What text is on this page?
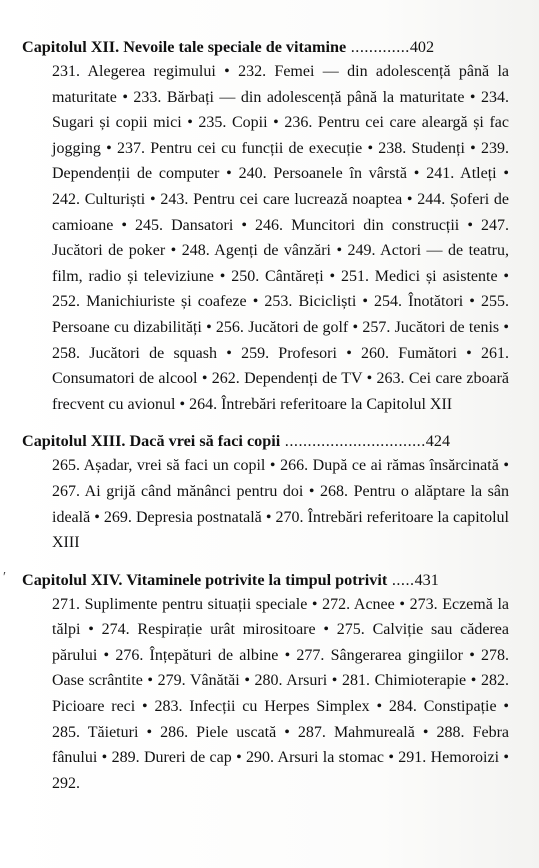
Capitolul XII. Nevoile tale speciale de vitamine .............402

231. Alegerea regimului • 232. Femei — din adolescență până la maturitate • 233. Bărbați — din adolescență până la maturitate • 234. Sugari și copii mici • 235. Copii • 236. Pentru cei care aleargă și fac jogging • 237. Pentru cei cu funcții de execuție • 238. Studenți • 239. Dependenții de computer • 240. Persoanele în vârstă • 241. Atleți • 242. Culturiști • 243. Pentru cei care lucrează noaptea • 244. Șoferi de camioane • 245. Dansatori • 246. Muncitori din construcții • 247. Jucători de poker • 248. Agenți de vânzări • 249. Actori — de teatru, film, radio și televiziune • 250. Cântăreți • 251. Medici și asistente • 252. Manichiuriste și coafeze • 253. Bicicliști • 254. Înotători • 255. Persoane cu dizabilități • 256. Jucători de golf • 257. Jucători de tenis • 258. Jucători de squash • 259. Profesori • 260. Fumători • 261. Consumatori de alcool • 262. Dependenți de TV • 263. Cei care zboară frecvent cu avionul • 264. Întrebări referitoare la Capitolul XII

Capitolul XIII. Dacă vrei să faci copii ...............................424

265. Așadar, vrei să faci un copil • 266. După ce ai rămas însărcinată • 267. Ai grijă când mănânci pentru doi • 268. Pentru o alăptare la sân ideală • 269. Depresia postnatală • 270. Întrebări referitoare la capitolul XIII

Capitolul XIV. Vitaminele potrivite la timpul potrivit .....431

271. Suplimente pentru situații speciale • 272. Acnee • 273. Eczemă la tălpi • 274. Respirație urât mirositoare • 275. Calviție sau căderea părului • 276. Înțepături de albine • 277. Sângerarea gingiilor • 278. Oase scrântite • 279. Vânătăi • 280. Arsuri • 281. Chimioterapie • 282. Picioare reci • 283. Infecții cu Herpes Simplex • 284. Constipație • 285. Tăieturi • 286. Piele uscată • 287. Mahmureală • 288. Febra fânului • 289. Dureri de cap • 290. Arsuri la stomac • 291. Hemoroizi • 292.

′
